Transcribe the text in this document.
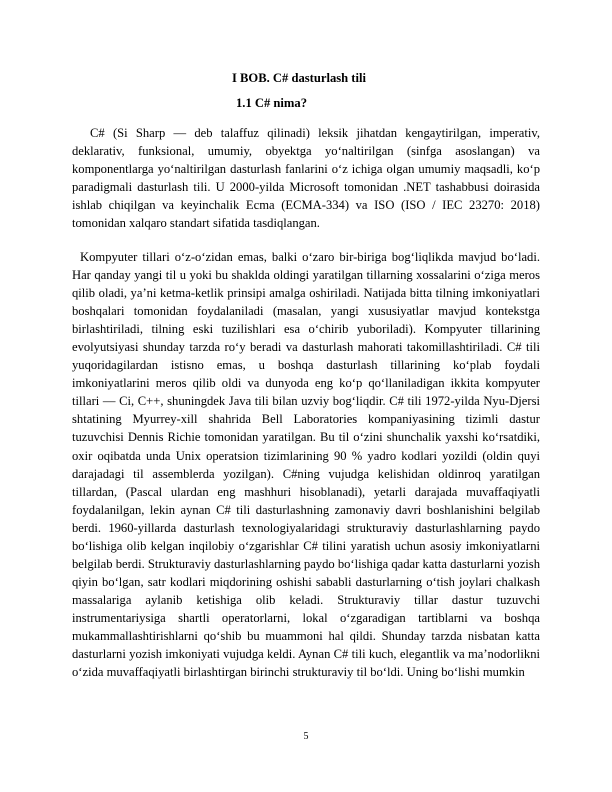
I BOB. C# dasturlash tili
1.1 C# nima?

C# (Si Sharp — deb talaffuz qilinadi) leksik jihatdan kengaytirilgan, imperativ, deklarativ, funksional, umumiy, obyektga yo‘naltirilgan (sinfga asoslangan) va komponentlarga yo‘naltirilgan dasturlash fanlarini o‘z ichiga olgan umumiy maqsadli, ko‘p paradigmali dasturlash tili. U 2000-yilda Microsoft tomonidan .NET tashabbusi doirasida ishlab chiqilgan va keyinchalik Ecma (ECMA-334) va ISO (ISO / IEC 23270: 2018) tomonidan xalqaro standart sifatida tasdiqlangan.

Kompyuter tillari o‘z-o‘zidan emas, balki o‘zaro bir-biriga bog‘liqlikda mavjud bo‘ladi. Har qanday yangi til u yoki bu shaklda oldingi yaratilgan tillarning xossalarini o‘ziga meros qilib oladi, ya’ni ketma-ketlik prinsipi amalga oshiriladi. Natijada bitta tilning imkoniyatlari boshqalari tomonidan foydalaniladi (masalan, yangi xususiyatlar mavjud kontekstga birlashtiriladi, tilning eski tuzilishlari esa o‘chirib yuboriladi). Kompyuter tillarining evolyutsiyasi shunday tarzda ro‘y beradi va dasturlash mahorati takomillashtiriladi. C# tili yuqoridagilardan istisno emas, u boshqa dasturlash tillarining ko‘plab foydali imkoniyatlarini meros qilib oldi va dunyoda eng ko‘p qo‘llaniladigan ikkita kompyuter tillari — Ci, C++, shuningdek Java tili bilan uzviy bog‘liqdir. C# tili 1972-yilda Nyu-Djersi shtatining Myurrey-xill shahrida Bell Laboratories kompaniyasining tizimli dastur tuzuvchisi Dennis Richie tomonidan yaratilgan. Bu til o‘zini shunchalik yaxshi ko‘rsatdiki, oxir oqibatda unda Unix operatsion tizimlarining 90 % yadro kodlari yozildi (oldin quyi darajadagi til assemblerda yozilgan). C#ning vujudga kelishidan oldinroq yaratilgan tillardan, (Pascal ulardan eng mashhuri hisoblanadi), yetarli darajada muvaffaqiyatli foydalanilgan, lekin aynan C# tili dasturlashning zamonaviy davri boshlanishini belgilab berdi. 1960-yillarda dasturlash texnologiyalaridagi strukturaviy dasturlashlarning paydo bo‘lishiga olib kelgan inqilobiy o‘zgarishlar C# tilini yaratish uchun asosiy imkoniyatlarni belgilab berdi. Strukturaviy dasturlashlarning paydo bo‘lishiga qadar katta dasturlarni yozish qiyin bo‘lgan, satr kodlari miqdorining oshishi sababli dasturlarning o‘tish joylari chalkash massalariga aylanib ketishiga olib keladi. Strukturaviy tillar dastur tuzuvchi instrumentariysiga shartli operatorlarni, lokal o‘zgaradigan tartiblarni va boshqa mukammallashtirishlarni qo‘shib bu muammoni hal qildi. Shunday tarzda nisbatan katta dasturlarni yozish imkoniyati vujudga keldi. Aynan C# tili kuch, elegantlik va ma’nodorlikni o‘zida muvaffaqiyatli birlashtirgan birinchi strukturaviy til bo‘ldi. Uning bo‘lishi mumkin

5
